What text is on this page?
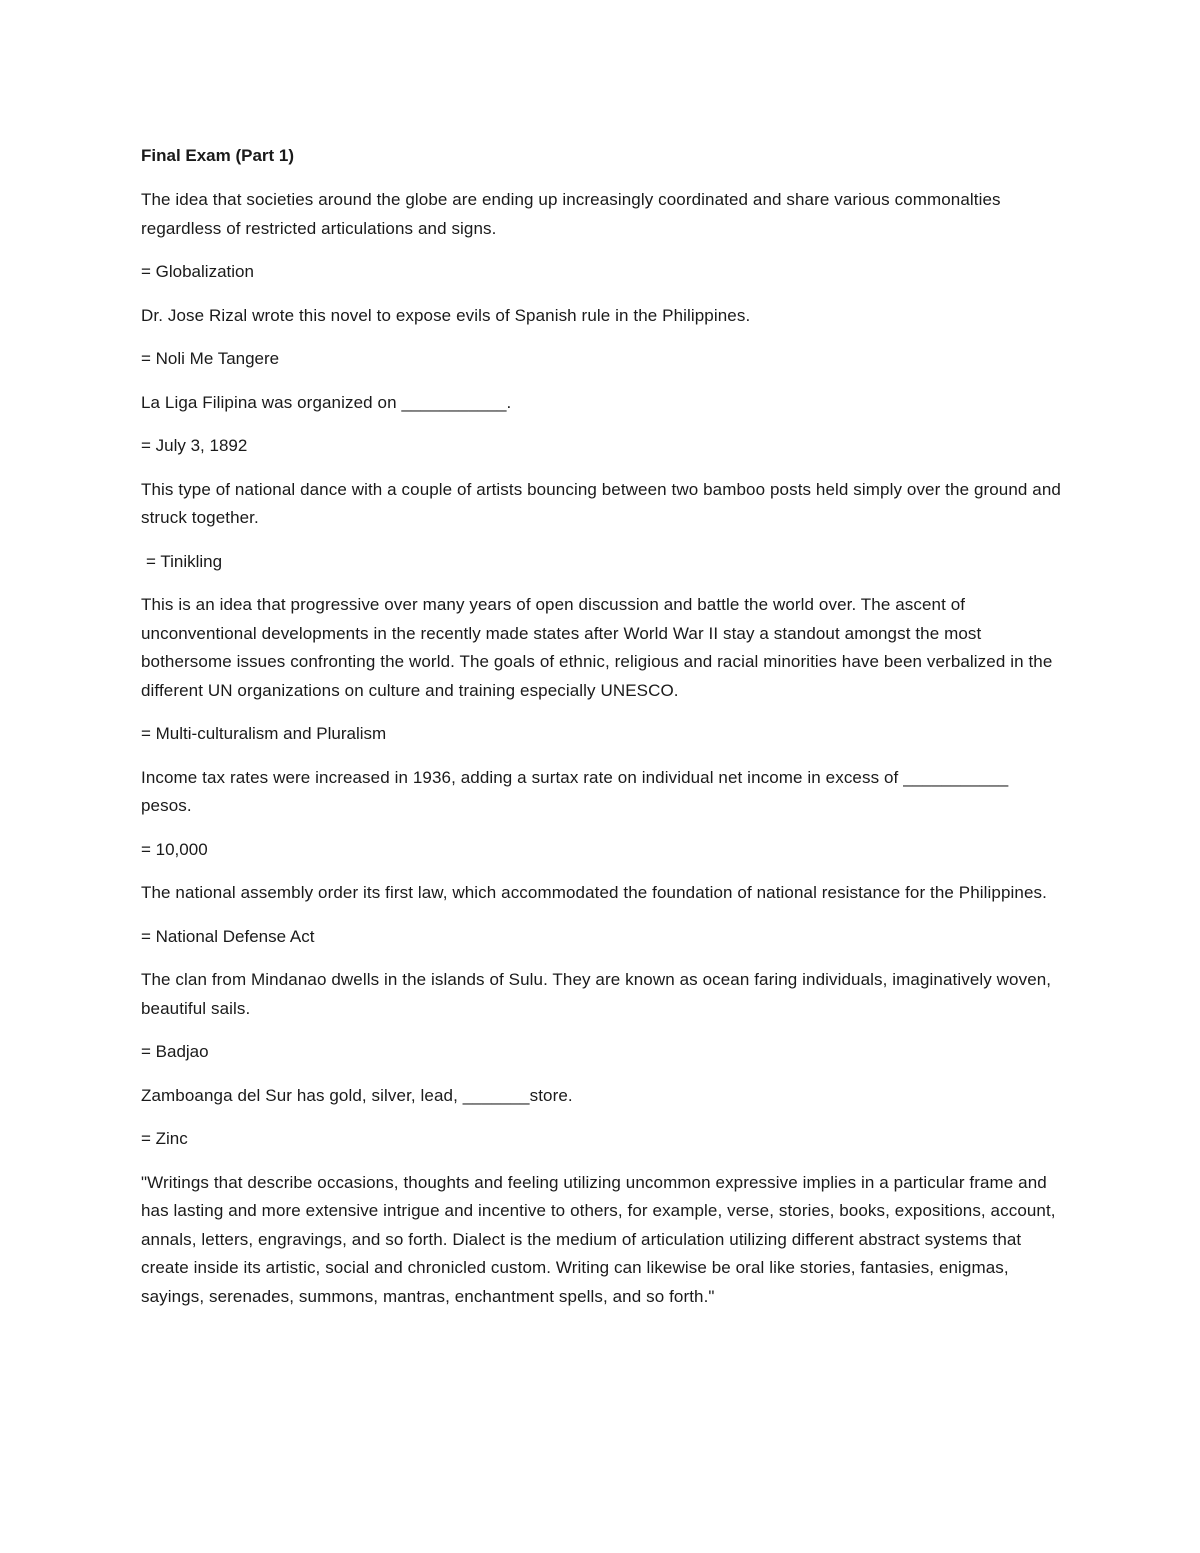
Final Exam (Part 1)

The idea that societies around the globe are ending up increasingly coordinated and share various commonalties regardless of restricted articulations and signs.

= Globalization

Dr. Jose Rizal wrote this novel to expose evils of Spanish rule in the Philippines.

= Noli Me Tangere

La Liga Filipina was organized on ___________.

= July 3, 1892

This type of national dance with a couple of artists bouncing between two bamboo posts held simply over the ground and struck together.

= Tinikling

This is an idea that progressive over many years of open discussion and battle the world over. The ascent of unconventional developments in the recently made states after World War II stay a standout amongst the most bothersome issues confronting the world. The goals of ethnic, religious and racial minorities have been verbalized in the different UN organizations on culture and training especially UNESCO.

= Multi-culturalism and Pluralism

Income tax rates were increased in 1936, adding a surtax rate on individual net income in excess of ___________ pesos.

= 10,000

The national assembly order its first law, which accommodated the foundation of national resistance for the Philippines.

= National Defense Act

The clan from Mindanao dwells in the islands of Sulu. They are known as ocean faring individuals, imaginatively woven, beautiful sails.

= Badjao

Zamboanga del Sur has gold, silver, lead, _______store.

= Zinc

"Writings that describe occasions, thoughts and feeling utilizing uncommon expressive implies in a particular frame and has lasting and more extensive intrigue and incentive to others, for example, verse, stories, books, expositions, account, annals, letters, engravings, and so forth. Dialect is the medium of articulation utilizing different abstract systems that create inside its artistic, social and chronicled custom. Writing can likewise be oral like stories, fantasies, enigmas, sayings, serenades, summons, mantras, enchantment spells, and so forth."
